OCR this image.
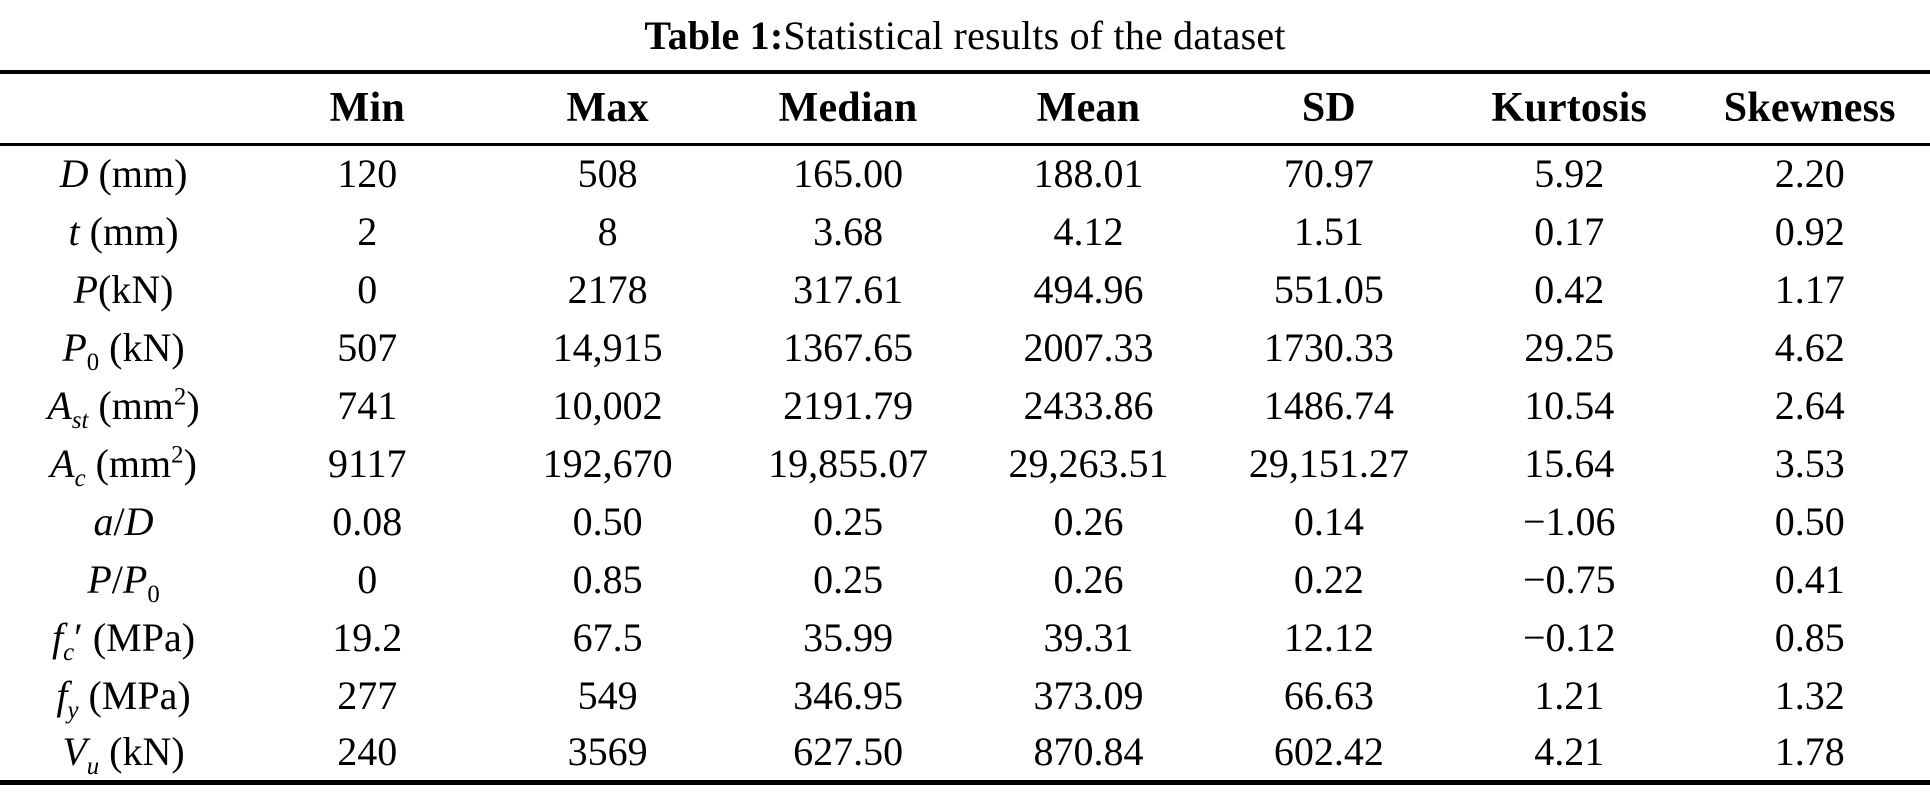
Table 1: Statistical results of the dataset
	Min	Max	Median	Mean	SD	Kurtosis	Skewness
D (mm)	120	508	165.00	188.01	70.97	5.92	2.20
t (mm)	2	8	3.68	4.12	1.51	0.17	0.92
P(kN)	0	2178	317.61	494.96	551.05	0.42	1.17
$P_0$ (kN)	507	14,915	1367.65	2007.33	1730.33	29.25	4.62
$A_{st}$ $(mm^2)$	741	10,002	2191.79	2433.86	1486.74	10.54	2.64
$A_c$ $(mm^2)$	9117	192,670	19,855.07	29,263.51	29,151.27	15.64	3.53
a/D	0.08	0.50	0.25	0.26	0.14	−1.06	0.50
$P/P_0$	0	0.85	0.25	0.26	0.22	−0.75	0.41
$f_c'$ (MPa)	19.2	67.5	35.99	39.31	12.12	−0.12	0.85
$f_y$ (MPa)	277	549	346.95	373.09	66.63	1.21	1.32
$V_u$ (kN)	240	3569	627.50	870.84	602.42	4.21	1.78
